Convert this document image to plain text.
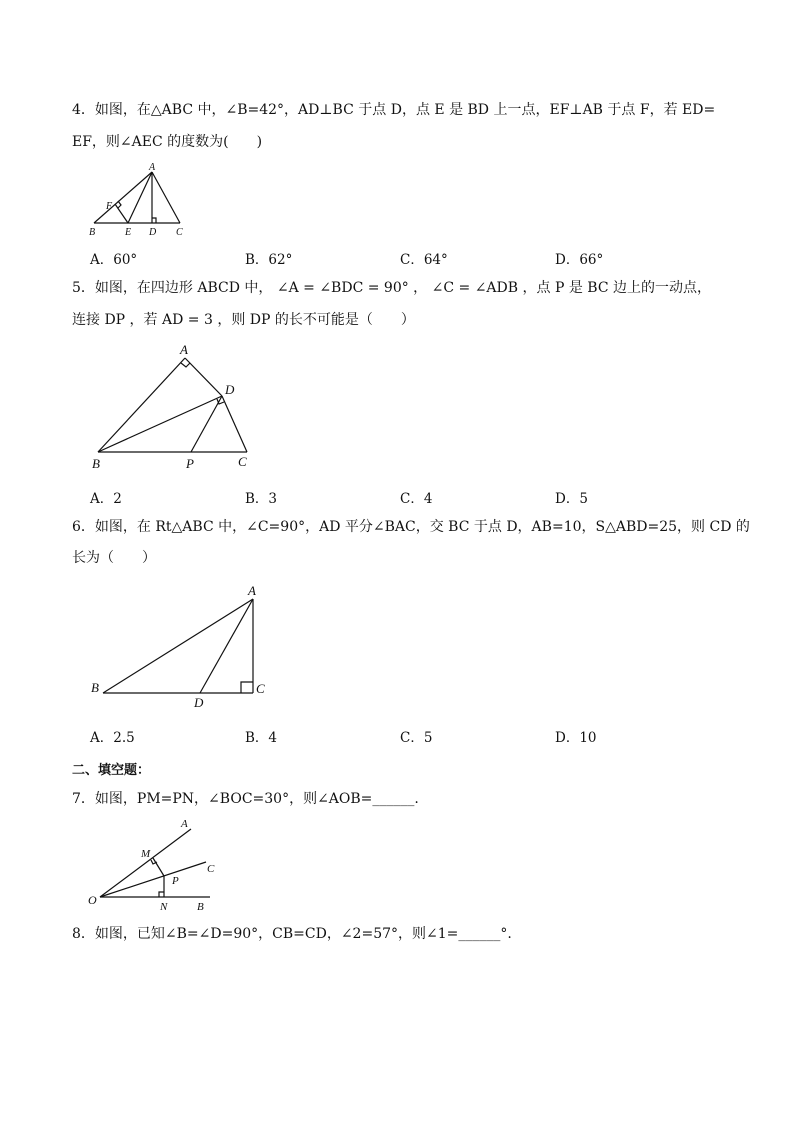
4．如图，在△ABC 中，∠B=42°，AD⊥BC 于点 D，点 E 是 BD 上一点，EF⊥AB 于点 F，若 ED=
EF，则∠AEC 的度数为(　　)
A
F
B	E D C
A．60°	B．62°	C．64°	D．66°
5．如图，在四边形 ABCD 中， ∠A = ∠BDC = 90° ， ∠C = ∠ADB ，点 P 是 BC 边上的一动点，
连接 DP ，若 AD = 3 ，则 DP 的长不可能是（　　）
A
D
B	P	C
A．2	B．3	C．4	D．5
6．如图，在 Rt△ABC 中，∠C=90°，AD 平分∠BAC，交 BC 于点 D，AB=10，S△ABD=25，则 CD 的
长为（　　）
A
B
D
C
A．2.5	B．4	C．5	D．10
二、填空题：
7．如图，PM=PN，∠BOC=30°，则∠AOB=______.
A
M
C
P
O	N	B
8．如图，已知∠B=∠D=90°，CB=CD，∠2=57°，则∠1=______°.
